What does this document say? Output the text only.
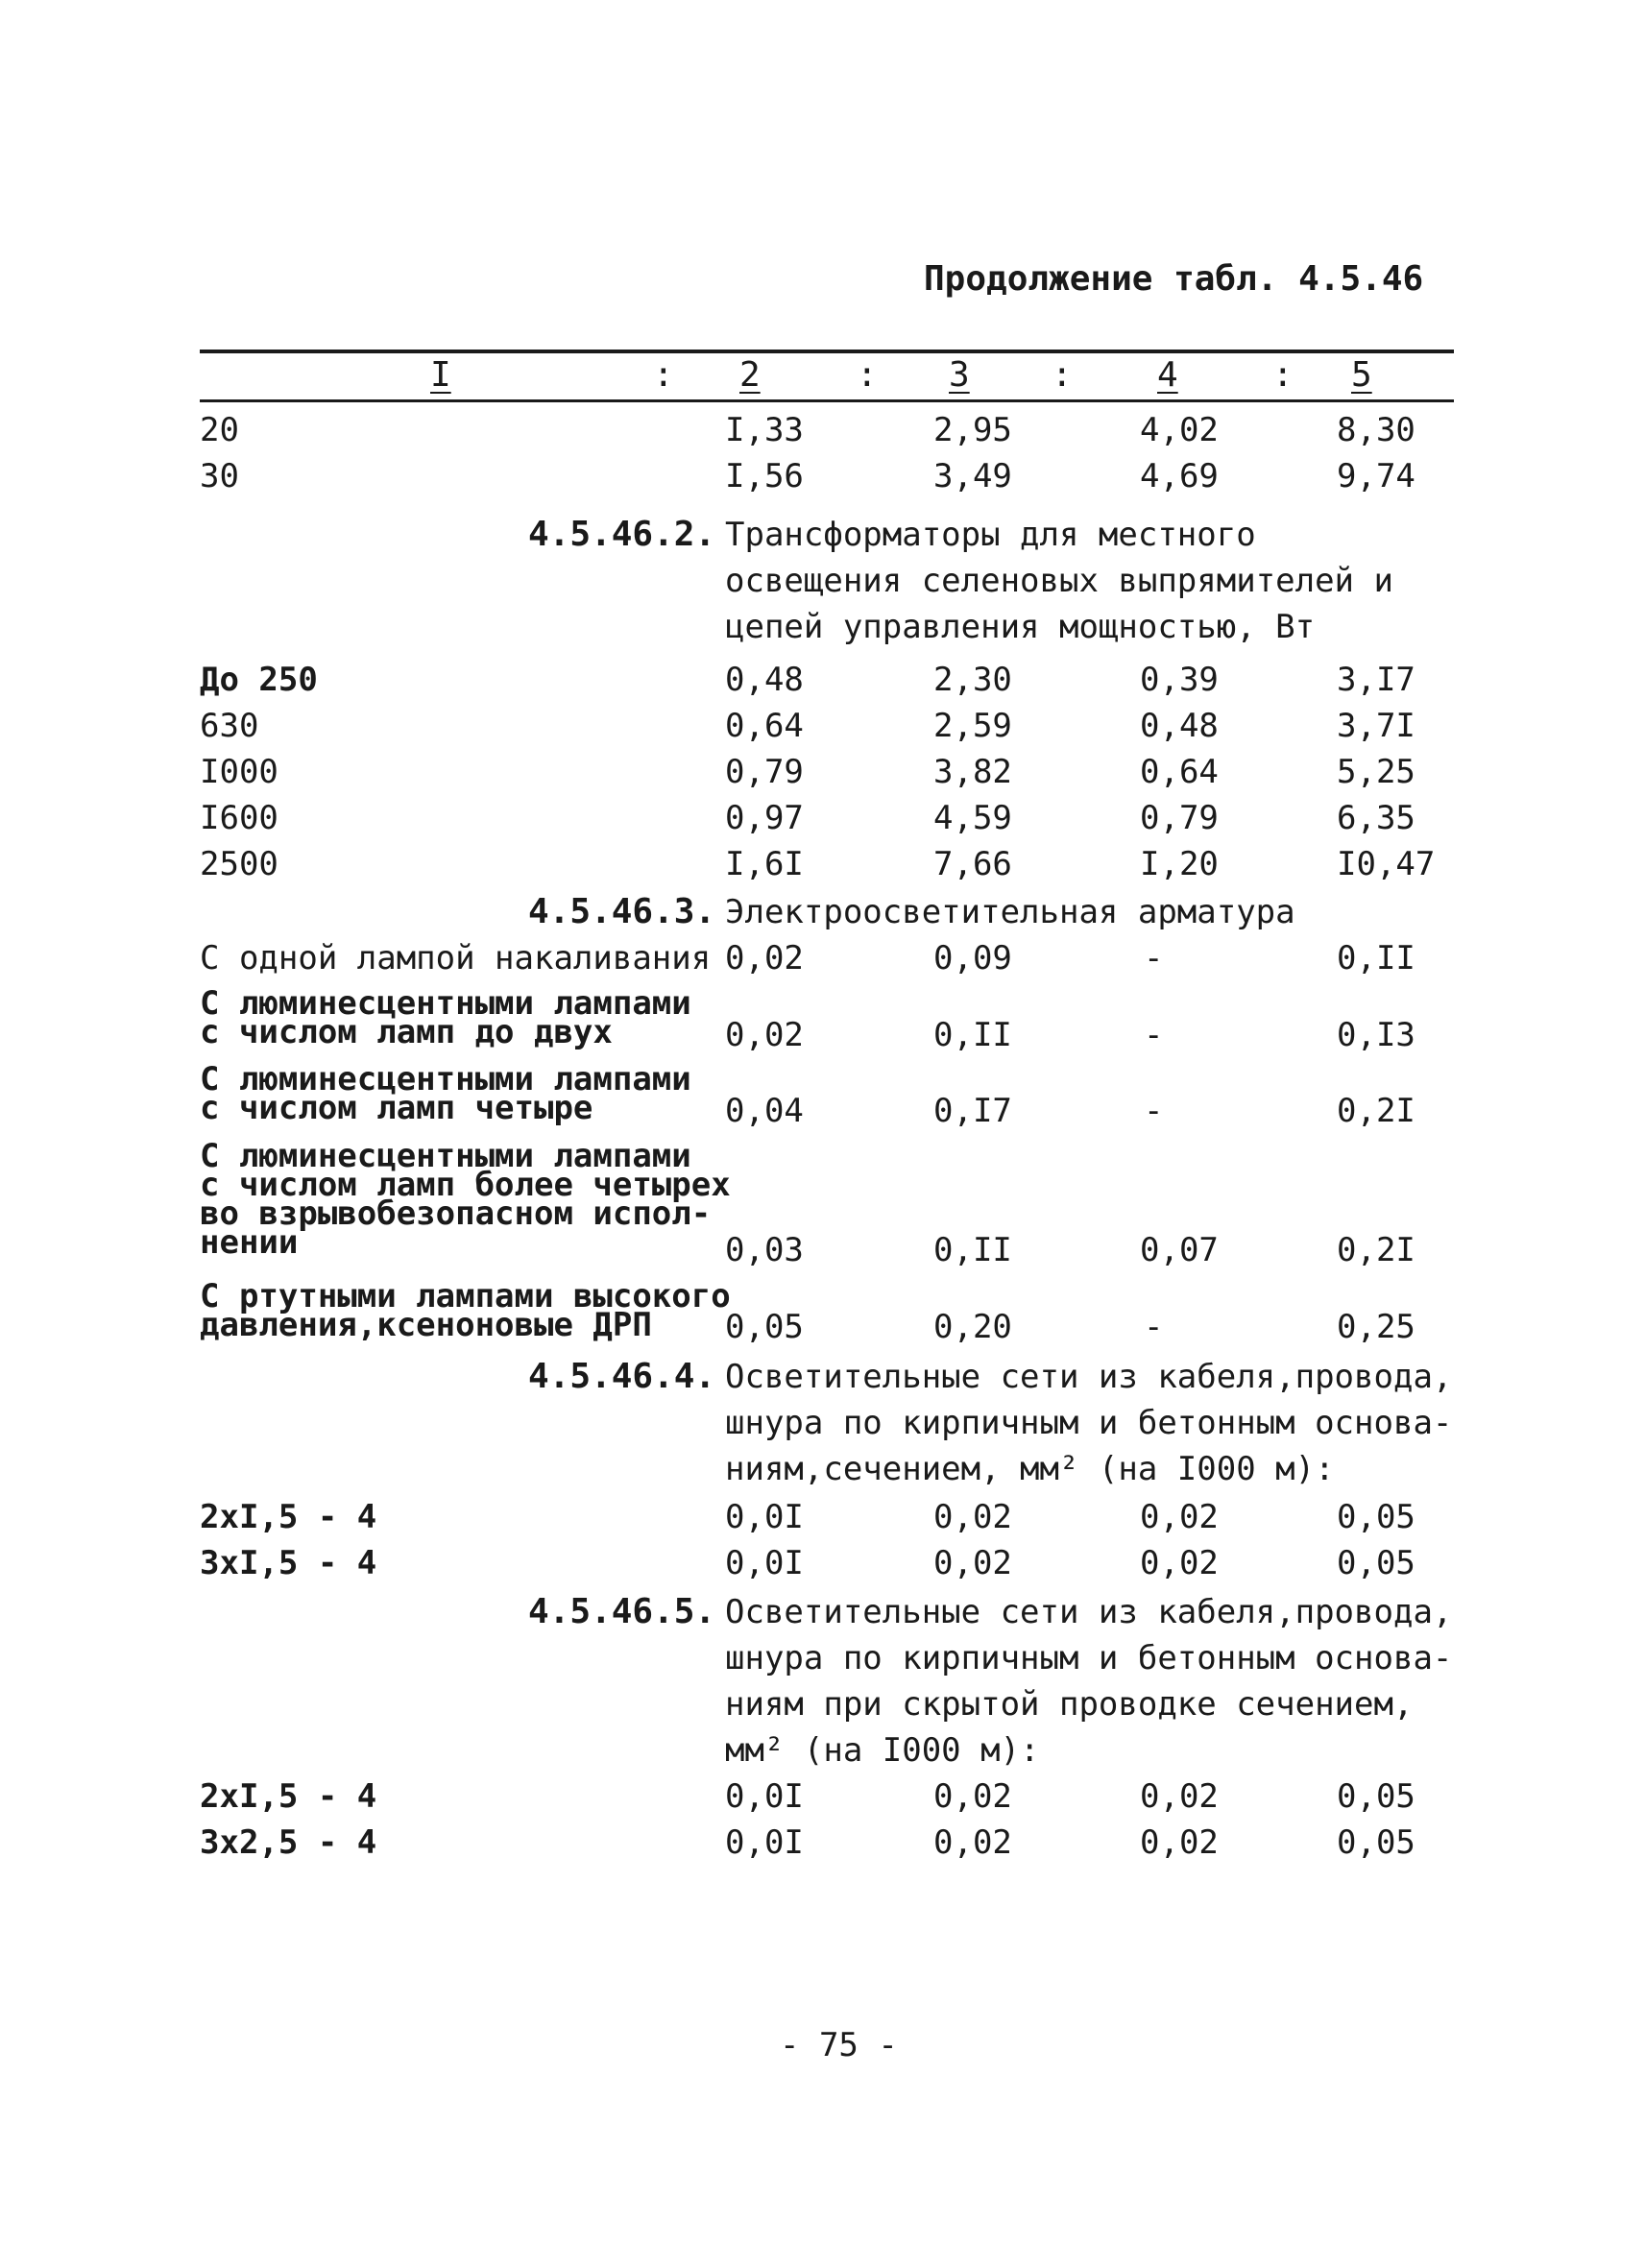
Продолжение табл. 4.5.46
I	: 2	: 3 : 4	: 5
20	I,33	2,95	4,02	8,30
30	I,56	3,49	4,69	9,74
4.5.46.2. Трансформаторы для местного
освещения селеновых выпрямителей и
цепей управления мощностью, Вт
До 250	0,48	2,30	0,39	3,I7
630	0,64	2,59	0,48	3,7I
I000	0,79	3,82	0,64	5,25
I600	0,97	4,59	0,79	6,35
2500	I,6I	7,66	I,20	I0,47
4.5.46.3. Электроосветительная арматура
С одной лампой накаливания 0,02	0,09	-	0,II
С люминесцентными лампами
с числом ламп до двух	0,02	0,II	-	0,I3
С люминесцентными лампами
с числом ламп четыре	0,04	0,I7	-	0,2I
С люминесцентными лампами
с числом ламп более четырех
во взрывобезопасном испол-
нении	0,03	0,II	0,07	0,2I
С ртутными лампами высокого
давления,ксеноновые ДРП	0,05	0,20	-	0,25
4.5.46.4. Осветительные сети из кабеля,провода,
шнура по кирпичным и бетонным основа-
ниям,сечением, мм² (на I000 м):
2xI,5 - 4	0,0I	0,02	0,02	0,05
3xI,5 - 4	0,0I	0,02	0,02	0,05
4.5.46.5. Осветительные сети из кабеля,провода,
шнура по кирпичным и бетонным основа-
ниям при скрытой проводке сечением,
мм² (на I000 м):
2xI,5 - 4	0,0I	0,02	0,02	0,05
3x2,5 - 4	0,0I	0,02	0,02	0,05
- 75 -
